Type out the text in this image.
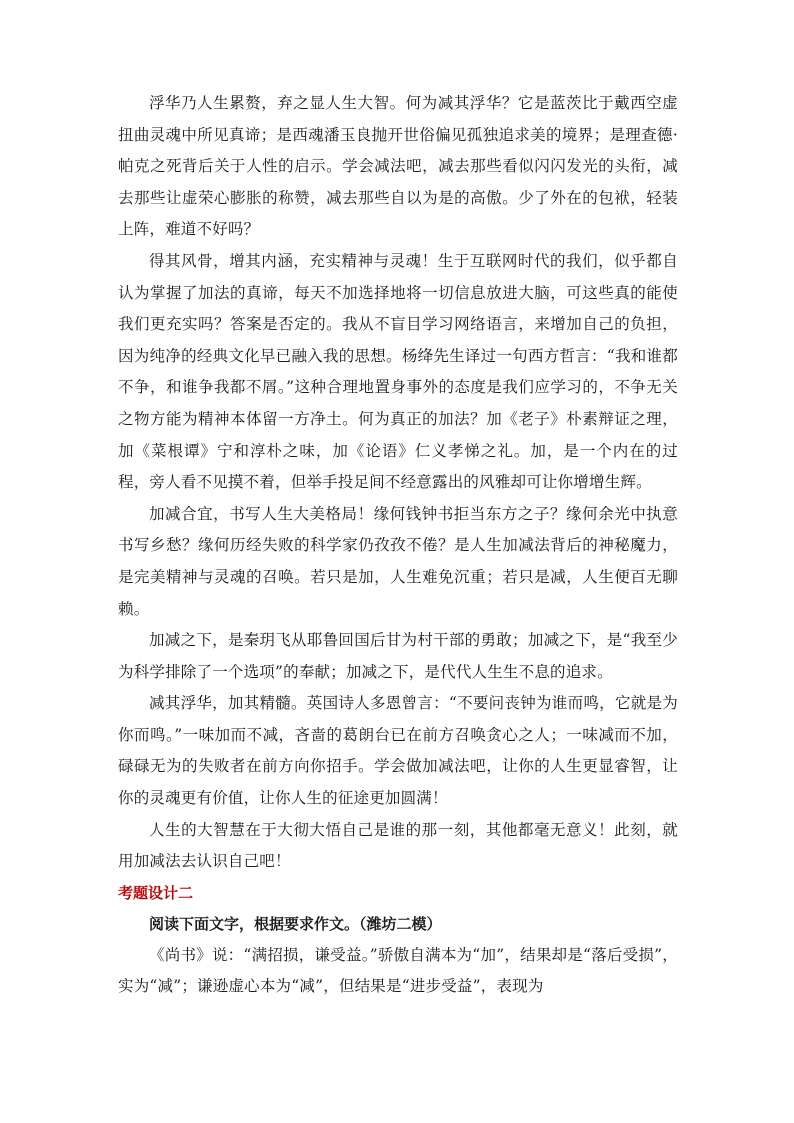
浮华乃人生累赘，弃之显人生大智。何为减其浮华？它是蓝茨比于戴西空虚扭曲灵魂中所见真谛；是西魂潘玉良抛开世俗偏见孤独追求美的境界；是理查德·帕克之死背后关于人性的启示。学会减法吧，减去那些看似闪闪发光的头衔，减去那些让虚荣心膨胀的称赞，减去那些自以为是的高傲。少了外在的包袱，轻装上阵，难道不好吗？

得其风骨，增其内涵，充实精神与灵魂！生于互联网时代的我们，似乎都自认为掌握了加法的真谛，每天不加选择地将一切信息放进大脑，可这些真的能使我们更充实吗？答案是否定的。我从不盲目学习网络语言，来增加自己的负担，因为纯净的经典文化早已融入我的思想。杨绛先生译过一句西方哲言：“我和谁都不争，和谁争我都不屑。”这种合理地置身事外的态度是我们应学习的，不争无关之物方能为精神本体留一方净土。何为真正的加法？加《老子》朴素辩证之理，加《菜根谭》宁和淳朴之味，加《论语》仁义孝悌之礼。加，是一个内在的过程，旁人看不见摸不着，但举手投足间不经意露出的风雅却可让你增增生辉。

加减合宜，书写人生大美格局！缘何钱钟书拒当东方之子？缘何余光中执意书写乡愁？缘何历经失败的科学家仍孜孜不倦？是人生加减法背后的神秘魔力，是完美精神与灵魂的召唤。若只是加，人生难免沉重；若只是减，人生便百无聊赖。

加减之下，是秦玥飞从耶鲁回国后甘为村干部的勇敢；加减之下，是“我至少为科学排除了一个选项”的奉献；加减之下，是代代人生生不息的追求。

减其浮华，加其精髓。英国诗人多恩曾言：“不要问丧钟为谁而鸣，它就是为你而鸣。”一味加而不减，吝啬的葛朗台已在前方召唤贪心之人；一味减而不加，碌碌无为的失败者在前方向你招手。学会做加减法吧，让你的人生更显睿智，让你的灵魂更有价值，让你人生的征途更加圆满！

人生的大智慧在于大彻大悟自己是谁的那一刻，其他都毫无意义！此刻，就用加减法去认识自己吧！

考题设计二

阅读下面文字，根据要求作文。（潍坊二模）

《尚书》说：“满招损，谦受益。”骄傲自满本为“加”，结果却是“落后受损”，实为“减”；谦逊虚心本为“减”，但结果是“进步受益”，表现为
